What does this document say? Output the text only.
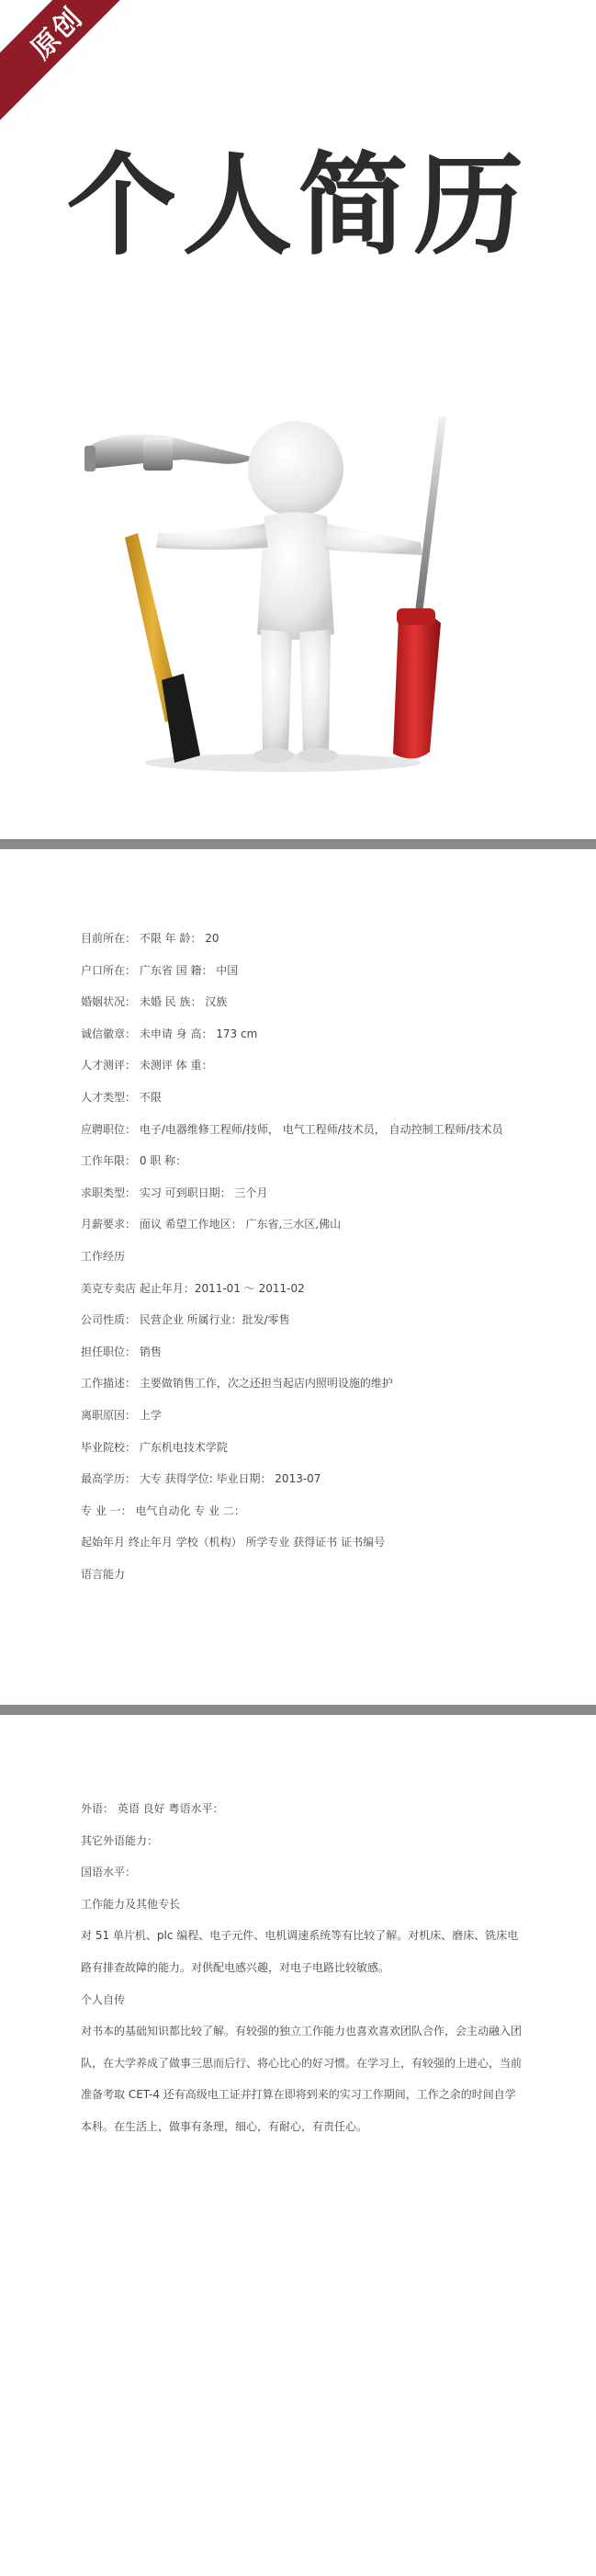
原创
个人简历
目前所在： 不限 年 龄： 20
户口所在： 广东省 国 籍： 中国
婚姻状况： 未婚 民 族： 汉族
诚信徽章： 未申请 身 高： 173 cm
人才测评： 未测评 体 重：
人才类型： 不限
应聘职位： 电子/电器维修工程师/技师， 电气工程师/技术员， 自动控制工程师/技术员
工作年限： 0 职 称：
求职类型： 实习 可到职日期： 三个月
月薪要求： 面议 希望工作地区： 广东省,三水区,佛山
工作经历
美克专卖店 起止年月：2011-01 ～ 2011-02
公司性质： 民营企业 所属行业：批发/零售
担任职位： 销售
工作描述： 主要做销售工作，次之还担当起店内照明设施的维护
离职原因： 上学
毕业院校： 广东机电技术学院
最高学历： 大专 获得学位: 毕业日期： 2013-07
专 业 一： 电气自动化 专 业 二：
起始年月 终止年月 学校（机构） 所学专业 获得证书 证书编号
语言能力
外语： 英语 良好 粤语水平：
其它外语能力：
国语水平：
工作能力及其他专长
对 51 单片机、plc 编程、电子元件、电机调速系统等有比较了解。对机床、磨床、铣床电路有排查故障的能力。对供配电感兴趣，对电子电路比较敏感。
个人自传
对书本的基础知识都比较了解。有较强的独立工作能力也喜欢喜欢团队合作，会主动融入团队，在大学养成了做事三思而后行、将心比心的好习惯。在学习上，有较强的上进心，当前准备考取 CET-4 还有高级电工证并打算在即将到来的实习工作期间，工作之余的时间自学本科。在生活上，做事有条理，细心，有耐心，有责任心。
